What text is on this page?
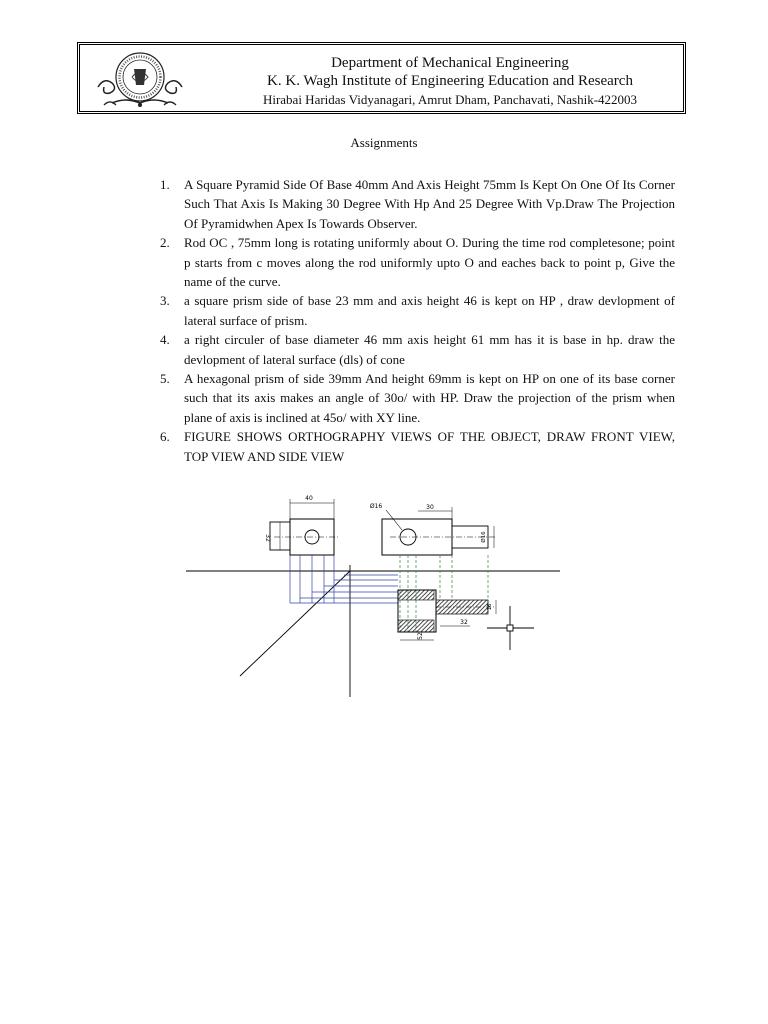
Department of Mechanical Engineering
K. K. Wagh Institute of Engineering Education and Research
Hirabai Haridas Vidyanagari, Amrut Dham, Panchavati, Nashik-422003
Assignments
1. A Square Pyramid Side Of Base 40mm And Axis Height 75mm Is Kept On One Of Its Corner Such That Axis Is Making 30 Degree With Hp And 25 Degree With Vp.Draw The Projection Of Pyramidwhen Apex Is Towards Observer.
2. Rod OC , 75mm long is rotating uniformly about O. During the time rod completesone; point p starts from c moves along the rod uniformly upto O and eaches back to point p, Give the name of the curve.
3. a square prism side of base 23 mm and axis height 46 is kept on HP , draw devlopment of lateral surface of prism.
4. a right circuler of base diameter 46 mm axis height 61 mm has it is base in hp. draw the devlopment of lateral surface (dls) of cone
5. A hexagonal prism of side 39mm And height 69mm is kept on HP on one of its base corner such that its axis makes an angle of 30o/ with HP. Draw the projection of the prism when plane of axis is inclined at 45o/ with XY line.
6. FIGURE SHOWS ORTHOGRAPHY VIEWS OF THE OBJECT, DRAW FRONT VIEW, TOP VIEW AND SIDE VIEW
40
32
Ø16	30
Ø16
16
32
52
